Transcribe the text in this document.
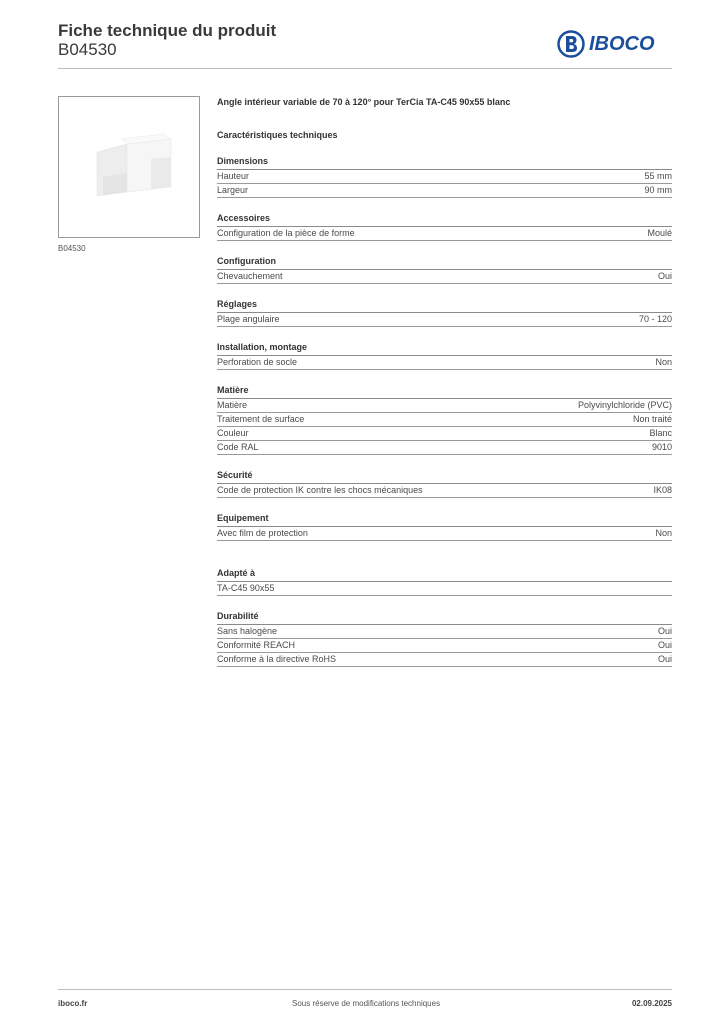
Fiche technique du produit
B04530	IBOCO
B04530
Angle intérieur variable de 70 à 120° pour TerCia TA-C45 90x55 blanc
Caractéristiques techniques
Dimensions
Hauteur	55 mm
Largeur	90 mm
Accessoires
Configuration de la pièce de forme	Moulé
Configuration
Chevauchement	Oui
Réglages
Plage angulaire	70 - 120
Installation, montage
Perforation de socle	Non
Matière
Matière	Polyvinylchloride (PVC)
Traitement de surface	Non traité
Couleur	Blanc
Code RAL	9010
Sécurité
Code de protection IK contre les chocs mécaniques	IK08
Equipement
Avec film de protection	Non
Adapté à
TA-C45 90x55
Durabilité
Sans halogène	Oui
Conformité REACH	Oui
Conforme à la directive RoHS	Oui
iboco.fr	Sous réserve de modifications techniques	02.09.2025
